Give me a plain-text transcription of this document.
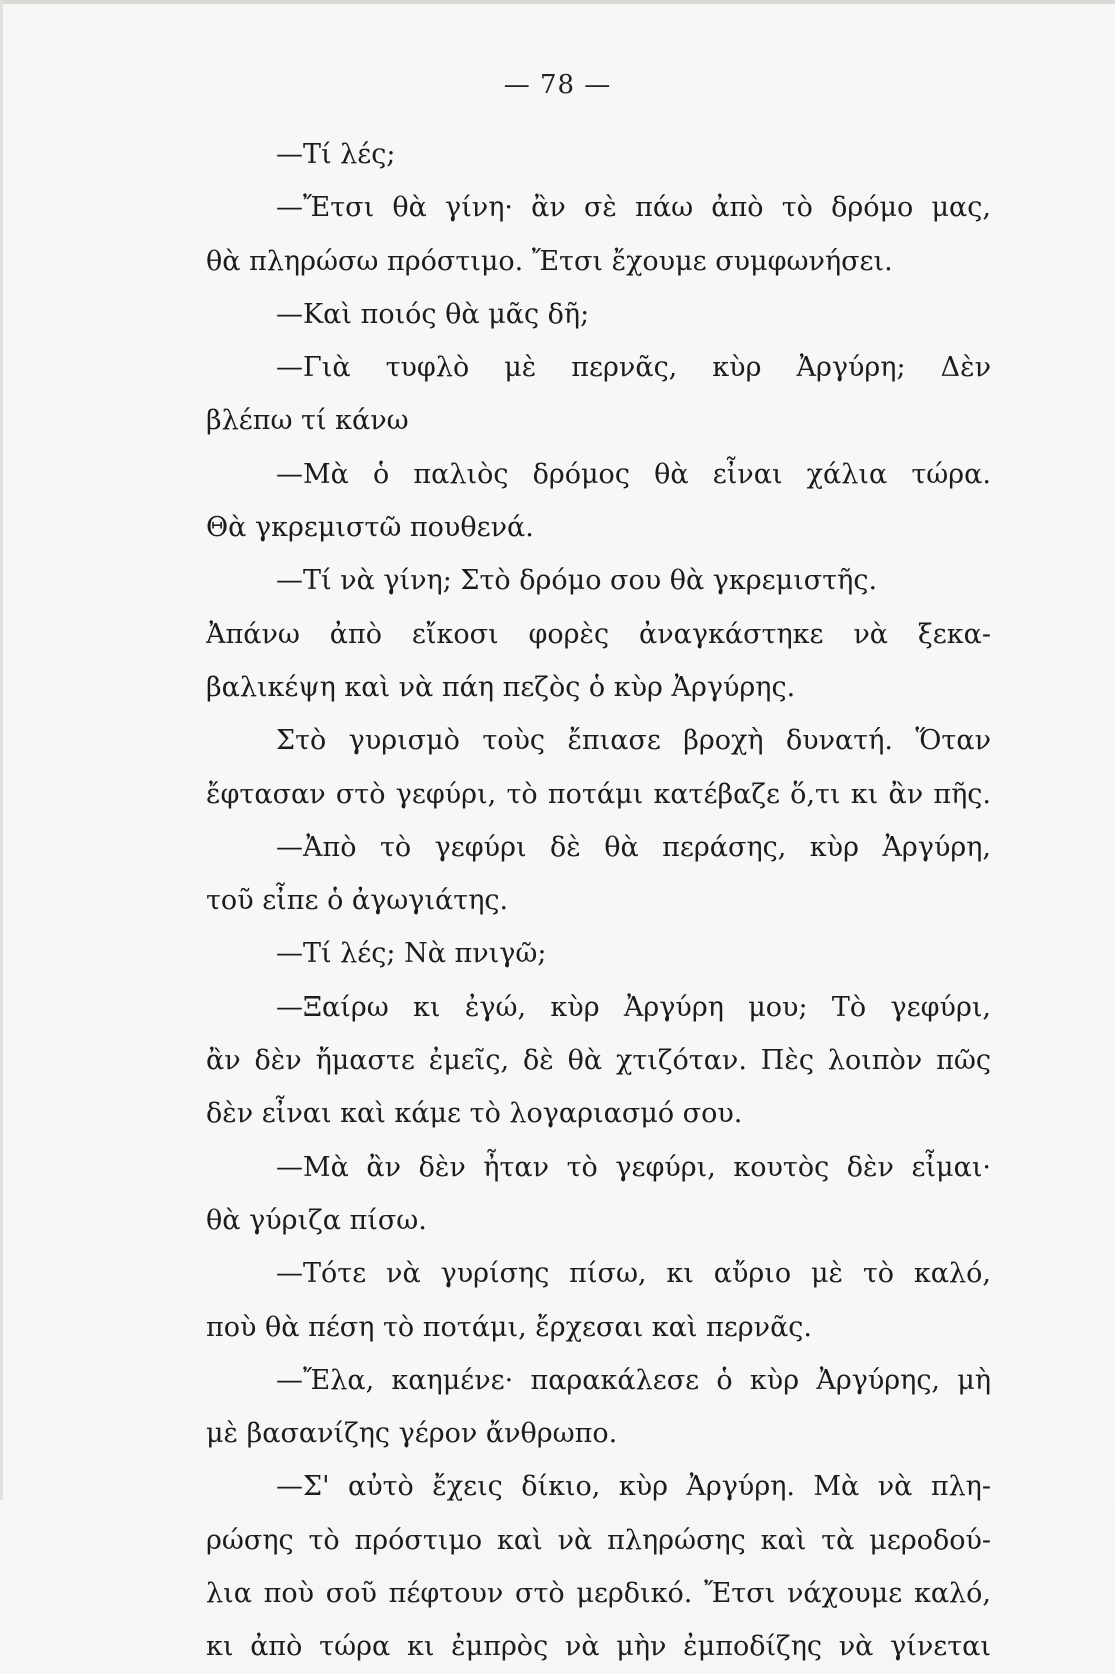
— 78 —
—Τί λές;
—Ἔτσι θὰ γίνη· ἂν σὲ πάω ἀπὸ τὸ δρόμο μας,
θὰ πληρώσω πρόστιμο. Ἔτσι ἔχουμε συμφωνήσει.
—Καὶ ποιός θὰ μᾶς δῆ;
—Γιὰ τυφλὸ μὲ περνᾶς, κὺρ Ἀργύρη; Δὲν
βλέπω τί κάνω
—Μὰ ὁ παλιὸς δρόμος θὰ εἶναι χάλια τώρα.
Θὰ γκρεμιστῶ πουθενά.
—Τί νὰ γίνη; Στὸ δρόμο σου θὰ γκρεμιστῆς.
Ἀπάνω ἀπὸ εἴκοσι φορὲς ἀναγκάστηκε νὰ ξεκα-
βαλικέψη καὶ νὰ πάη πεζὸς ὁ κὺρ Ἀργύρης.
Στὸ γυρισμὸ τοὺς ἔπιασε βροχὴ δυνατή. Ὅταν
ἔφτασαν στὸ γεφύρι, τὸ ποτάμι κατέβαζε ὅ,τι κι ἂν πῆς.
—Ἀπὸ τὸ γεφύρι δὲ θὰ περάσης, κὺρ Ἀργύρη,
τοῦ εἶπε ὁ ἀγωγιάτης.
—Τί λές; Νὰ πνιγῶ;
—Ξαίρω κι ἐγώ, κὺρ Ἀργύρη μου; Τὸ γεφύρι,
ἂν δὲν ἤμαστε ἐμεῖς, δὲ θὰ χτιζόταν. Πὲς λοιπὸν πῶς
δὲν εἶναι καὶ κάμε τὸ λογαριασμό σου.
—Μὰ ἂν δὲν ἦταν τὸ γεφύρι, κουτὸς δὲν εἶμαι·
θὰ γύριζα πίσω.
—Τότε νὰ γυρίσης πίσω, κι αὔριο μὲ τὸ καλό,
ποὺ θὰ πέση τὸ ποτάμι, ἔρχεσαι καὶ περνᾶς.
—Ἔλα, καημένε· παρακάλεσε ὁ κὺρ Ἀργύρης, μὴ
μὲ βασανίζης γέρον ἄνθρωπο.
—Σ' αὐτὸ ἔχεις δίκιο, κὺρ Ἀργύρη. Μὰ νὰ πλη-
ρώσης τὸ πρόστιμο καὶ νὰ πληρώσης καὶ τὰ μεροδού-
λια ποὺ σοῦ πέφτουν στὸ μερδικό. Ἔτσι νάχουμε καλό,
κι ἀπὸ τώρα κι ἐμπρὸς νὰ μὴν ἐμποδίζης νὰ γίνεται
